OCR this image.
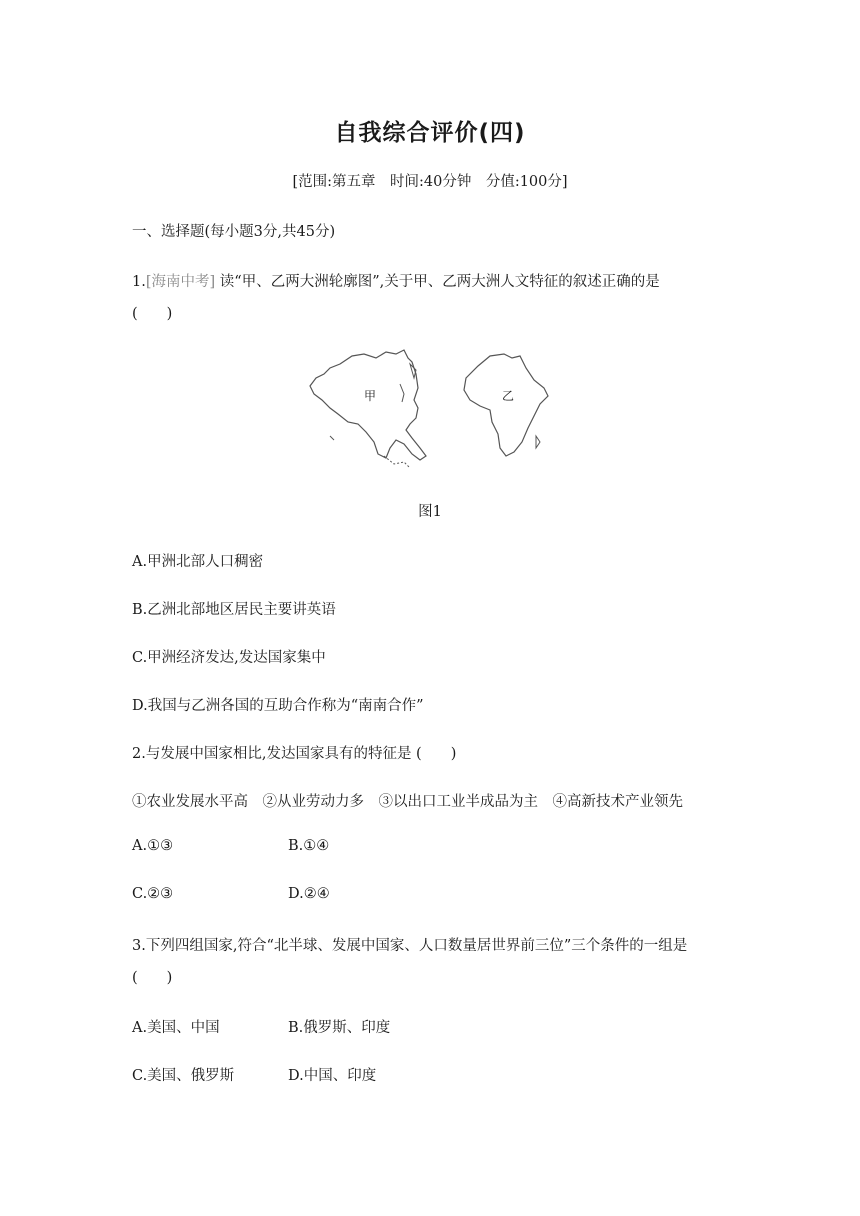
自我综合评价(四)
[范围:第五章　时间:40分钟　分值:100分]
一、选择题(每小题3分,共45分)
1.[海南中考] 读“甲、乙两大洲轮廓图”,关于甲、乙两大洲人文特征的叙述正确的是
(　　)
甲	乙
图1
A.甲洲北部人口稠密
B.乙洲北部地区居民主要讲英语
C.甲洲经济发达,发达国家集中
D.我国与乙洲各国的互助合作称为“南南合作”
2.与发展中国家相比,发达国家具有的特征是 (　　)
①农业发展水平高　②从业劳动力多　③以出口工业半成品为主　④高新技术产业领先
A.①③	B.①④
C.②③	D.②④
3.下列四组国家,符合“北半球、发展中国家、人口数量居世界前三位”三个条件的一组是
(　　)
A.美国、中国	B.俄罗斯、印度
C.美国、俄罗斯	D.中国、印度
